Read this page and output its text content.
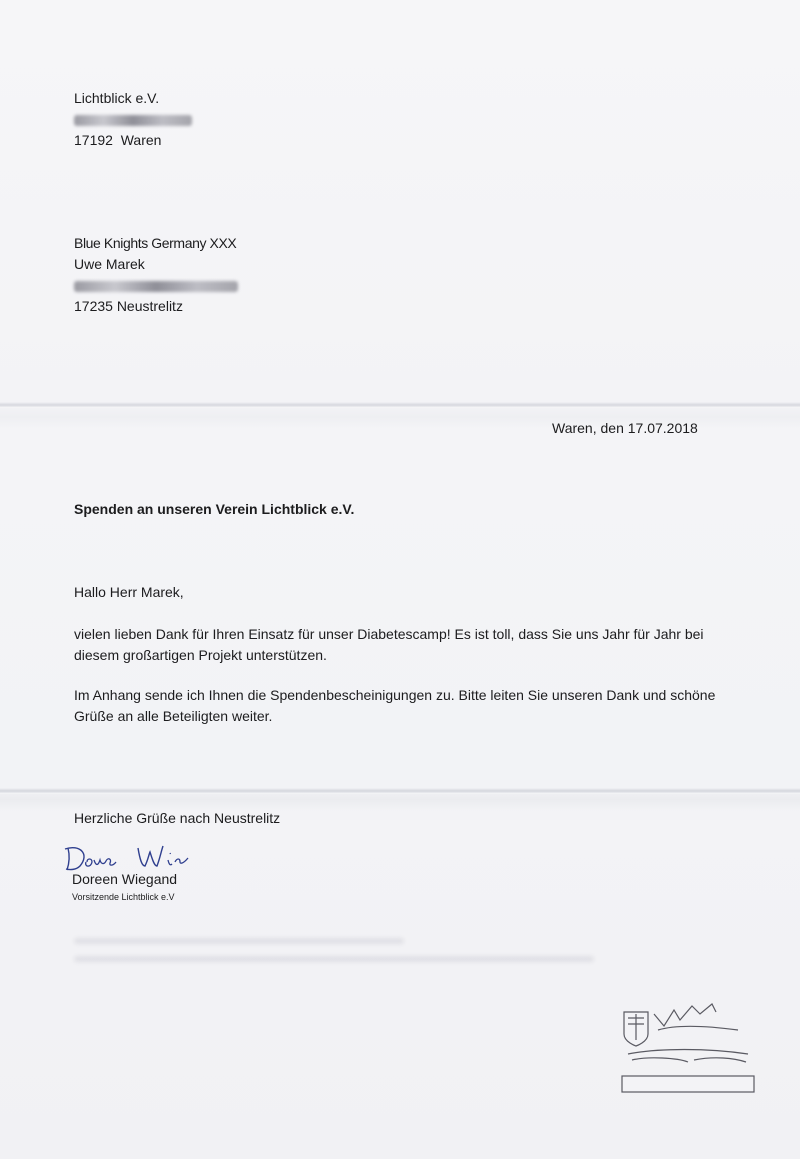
Lichtblick e.V.
17192  Waren
Blue Knights Germany XXX
Uwe Marek
17235 Neustrelitz
Waren, den 17.07.2018
Spenden an unseren Verein Lichtblick e.V.
Hallo Herr Marek,

vielen lieben Dank für Ihren Einsatz für unser Diabetescamp! Es ist toll, dass Sie uns Jahr für Jahr bei diesem großartigen Projekt unterstützen.

Im Anhang sende ich Ihnen die Spendenbescheinigungen zu. Bitte leiten Sie unseren Dank und schöne Grüße an alle Beteiligten weiter.

Herzliche Grüße nach Neustrelitz
Doreen Wiegand
Vorsitzende Lichtblick e.V
